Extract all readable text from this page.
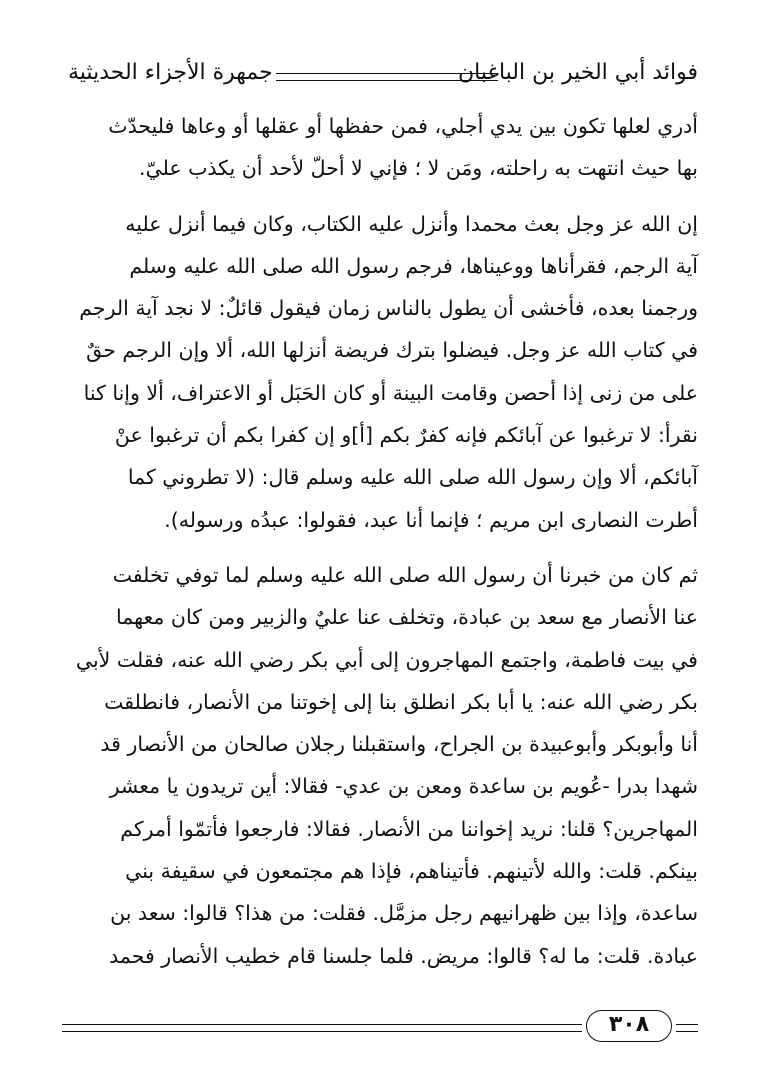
فوائد أبي الخير بن الباغبان
جمهرة الأجزاء الحديثية

أدري لعلها تكون بين يدي أجلي، فمن حفظها أو عقلها أو وعاها فليحدّث
بها حيث انتهت به راحلته، ومَن لا ؛ فإني لا أحلّ لأحد أن يكذب عليّ.

إن الله عز وجل بعث محمدا وأنزل عليه الكتاب، وكان فيما أنزل عليه
آية الرجم، فقرأناها ووعيناها، فرجم رسول الله صلى الله عليه وسلم
ورجمنا بعده، فأخشى أن يطول بالناس زمان فيقول قائلٌ: لا نجد آية الرجم
في كتاب الله عز وجل. فيضلوا بترك فريضة أنزلها الله، ألا وإن الرجم حقٌ
على من زنى إذا أحصن وقامت البينة أو كان الحَبَل أو الاعتراف، ألا وإنا كنا
نقرأ: لا ترغبوا عن آبائكم فإنه كفرٌ بكم [أ]و إن كفرا بكم أن ترغبوا عنْ
آبائكم، ألا وإن رسول الله صلى الله عليه وسلم قال: (لا تطروني كما
أطرت النصارى ابن مريم ؛ فإنما أنا عبد، فقولوا: عبدُه ورسوله).

ثم كان من خبرنا أن رسول الله صلى الله عليه وسلم لما توفي تخلفت
عنا الأنصار مع سعد بن عبادة، وتخلف عنا عليٌ والزبير ومن كان معهما
في بيت فاطمة، واجتمع المهاجرون إلى أبي بكر رضي الله عنه، فقلت لأبي
بكر رضي الله عنه: يا أبا بكر انطلق بنا إلى إخوتنا من الأنصار، فانطلقت
أنا وأبوبكر وأبوعبيدة بن الجراح، واستقبلنا رجلان صالحان من الأنصار قد
شهدا بدرا -عُويم بن ساعدة ومعن بن عدي- فقالا: أين تريدون يا معشر
المهاجرين؟ قلنا: نريد إخواننا من الأنصار. فقالا: فارجعوا فأتمّوا أمركم
بينكم. قلت: والله لأتينهم. فأتيناهم، فإذا هم مجتمعون في سقيفة بني
ساعدة، وإذا بين ظهرانيهم رجل مزمَّل. فقلت: من هذا؟ قالوا: سعد بن
عبادة. قلت: ما له؟ قالوا: مريض. فلما جلسنا قام خطيب الأنصار فحمد

٣٠٨
